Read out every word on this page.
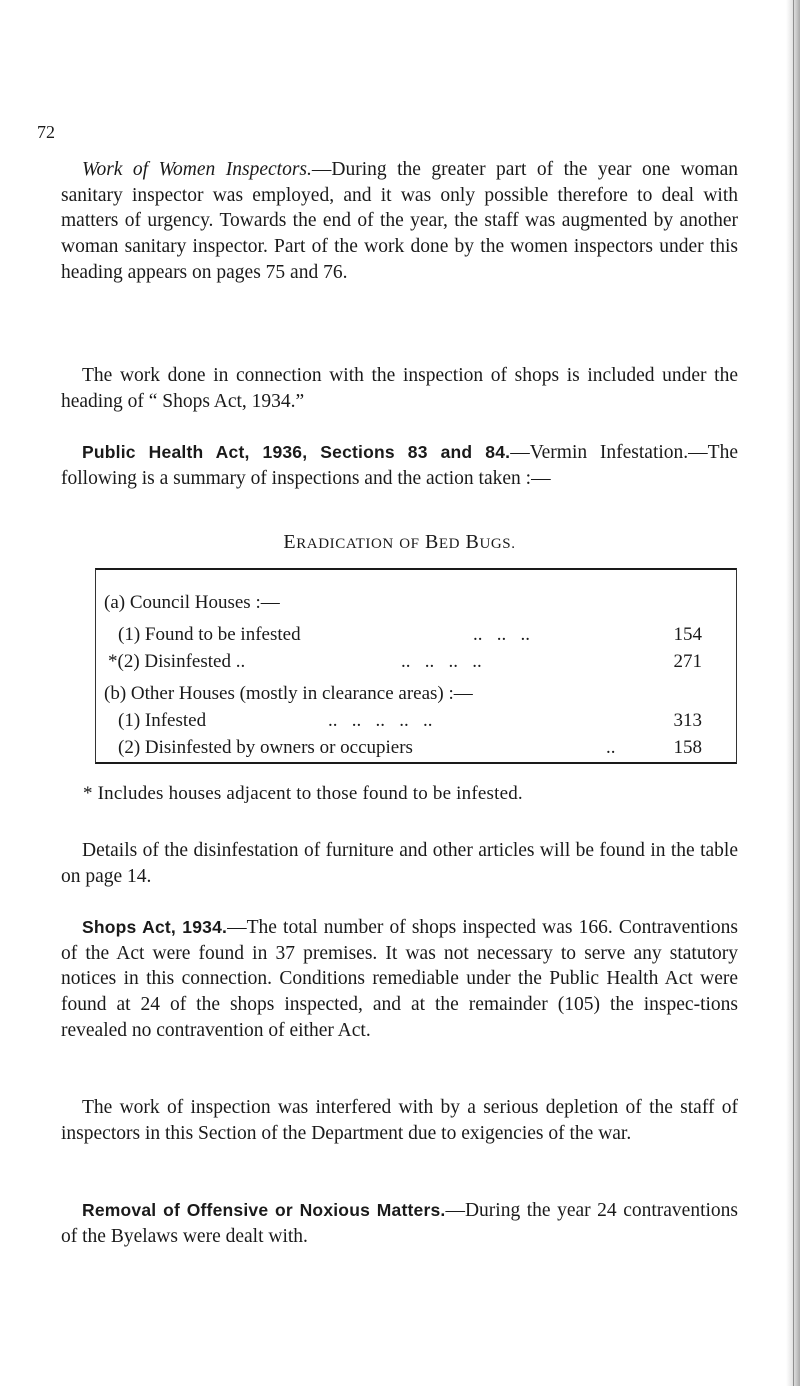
72

Work of Women Inspectors.—During the greater part of the year one woman sanitary inspector was employed, and it was only possible therefore to deal with matters of urgency. Towards the end of the year, the staff was augmented by another woman sanitary inspector. Part of the work done by the women inspectors under this heading appears on pages 75 and 76.

The work done in connection with the inspection of shops is included under the heading of “ Shops Act, 1934.”

Public Health Act, 1936, Sections 83 and 84.—Vermin Infestation.—The following is a summary of inspections and the action taken :—

ERADICATION OF BED BUGS.
(a) Council Houses :—
(1) Found to be infested	..   ..   ..	154
*(2) Disinfested ..	..   ..   ..   ..	271
(b) Other Houses (mostly in clearance areas) :—
(1) Infested	..   ..   ..   ..   ..	313
(2) Disinfested by owners or occupiers	..	158
* Includes houses adjacent to those found to be infested.

Details of the disinfestation of furniture and other articles will be found in the table on page 14.

Shops Act, 1934.—The total number of shops inspected was 166. Contraventions of the Act were found in 37 premises. It was not necessary to serve any statutory notices in this connection. Conditions remediable under the Public Health Act were found at 24 of the shops inspected, and at the remainder (105) the inspec-tions revealed no contravention of either Act.

The work of inspection was interfered with by a serious depletion of the staff of inspectors in this Section of the Department due to exigencies of the war.

Removal of Offensive or Noxious Matters.—During the year 24 contraventions of the Byelaws were dealt with.
